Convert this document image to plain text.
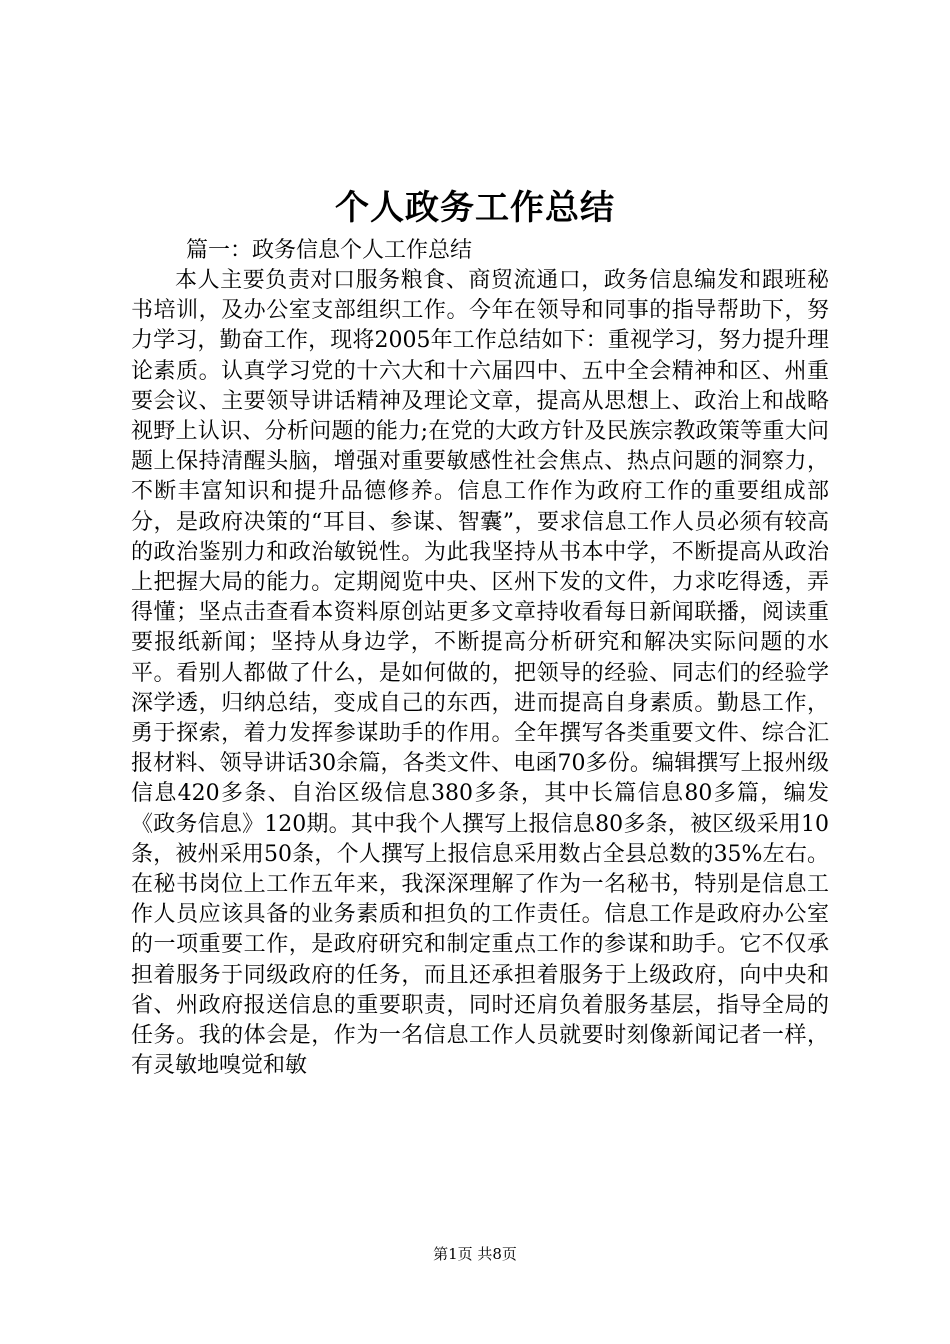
个人政务工作总结
篇一：政务信息个人工作总结

本人主要负责对口服务粮食、商贸流通口，政务信息编发和跟班秘书培训，及办公室支部组织工作。今年在领导和同事的指导帮助下，努力学习，勤奋工作，现将2005年工作总结如下：重视学习，努力提升理论素质。认真学习党的十六大和十六届四中、五中全会精神和区、州重要会议、主要领导讲话精神及理论文章，提高从思想上、政治上和战略视野上认识、分析问题的能力;在党的大政方针及民族宗教政策等重大问题上保持清醒头脑，增强对重要敏感性社会焦点、热点问题的洞察力，不断丰富知识和提升品德修养。信息工作作为政府工作的重要组成部分，是政府决策的“耳目、参谋、智囊”，要求信息工作人员必须有较高的政治鉴别力和政治敏锐性。为此我坚持从书本中学，不断提高从政治上把握大局的能力。定期阅览中央、区州下发的文件，力求吃得透，弄得懂；坚点击查看本资料原创站更多文章持收看每日新闻联播，阅读重要报纸新闻；坚持从身边学，不断提高分析研究和解决实际问题的水平。看别人都做了什么，是如何做的，把领导的经验、同志们的经验学深学透，归纳总结，变成自己的东西，进而提高自身素质。勤恳工作，勇于探索，着力发挥参谋助手的作用。全年撰写各类重要文件、综合汇报材料、领导讲话30余篇，各类文件、电函70多份。编辑撰写上报州级信息420多条、自治区级信息380多条，其中长篇信息80多篇，编发《政务信息》120期。其中我个人撰写上报信息80多条，被区级采用10条，被州采用50条，个人撰写上报信息采用数占全县总数的35%左右。在秘书岗位上工作五年来，我深深理解了作为一名秘书，特别是信息工作人员应该具备的业务素质和担负的工作责任。信息工作是政府办公室的一项重要工作，是政府研究和制定重点工作的参谋和助手。它不仅承担着服务于同级政府的任务，而且还承担着服务于上级政府，向中央和省、州政府报送信息的重要职责，同时还肩负着服务基层，指导全局的任务。我的体会是，作为一名信息工作人员就要时刻像新闻记者一样，有灵敏地嗅觉和敏

第1页 共8页
